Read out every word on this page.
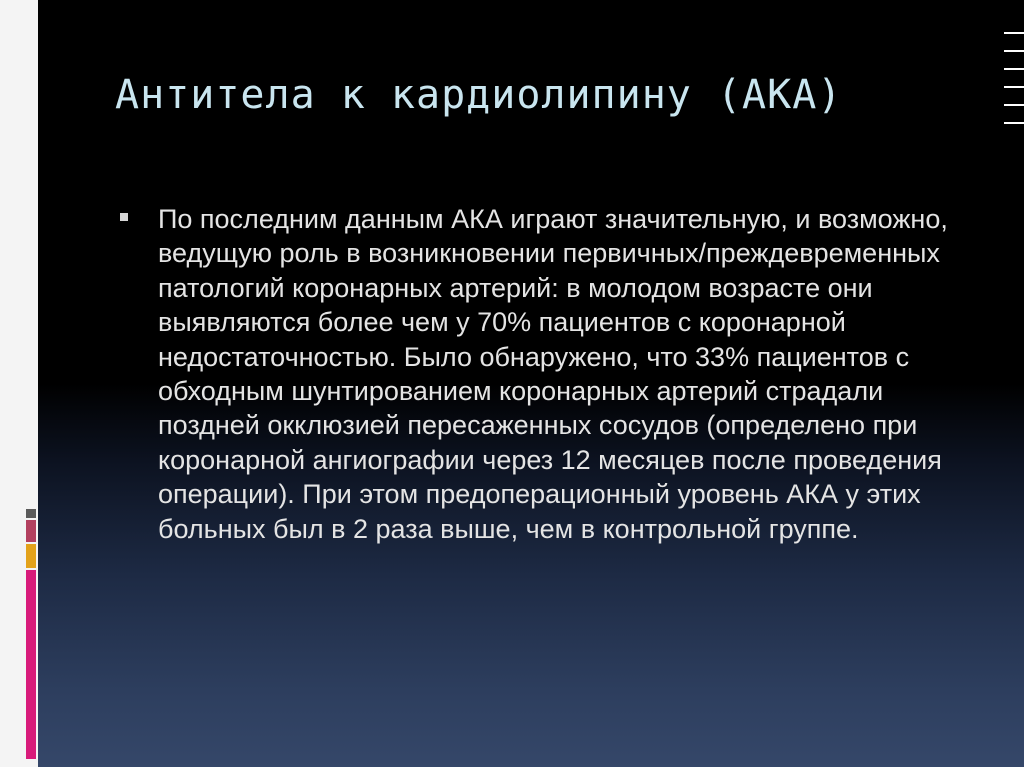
Антитела к кардиолипину (АКА)
По последним данным АКА играют значительную, и возможно, ведущую роль в возникновении первичных/преждевременных патологий коронарных артерий: в молодом возрасте они выявляются более чем у 70% пациентов с коронарной недостаточностью. Было обнаружено, что 33% пациентов с обходным шунтированием коронарных артерий страдали поздней окклюзией пересаженных сосудов (определено при коронарной ангиографии через 12 месяцев после проведения операции). При этом предоперационный уровень АКА у этих больных был в 2 раза выше, чем в контрольной группе.
